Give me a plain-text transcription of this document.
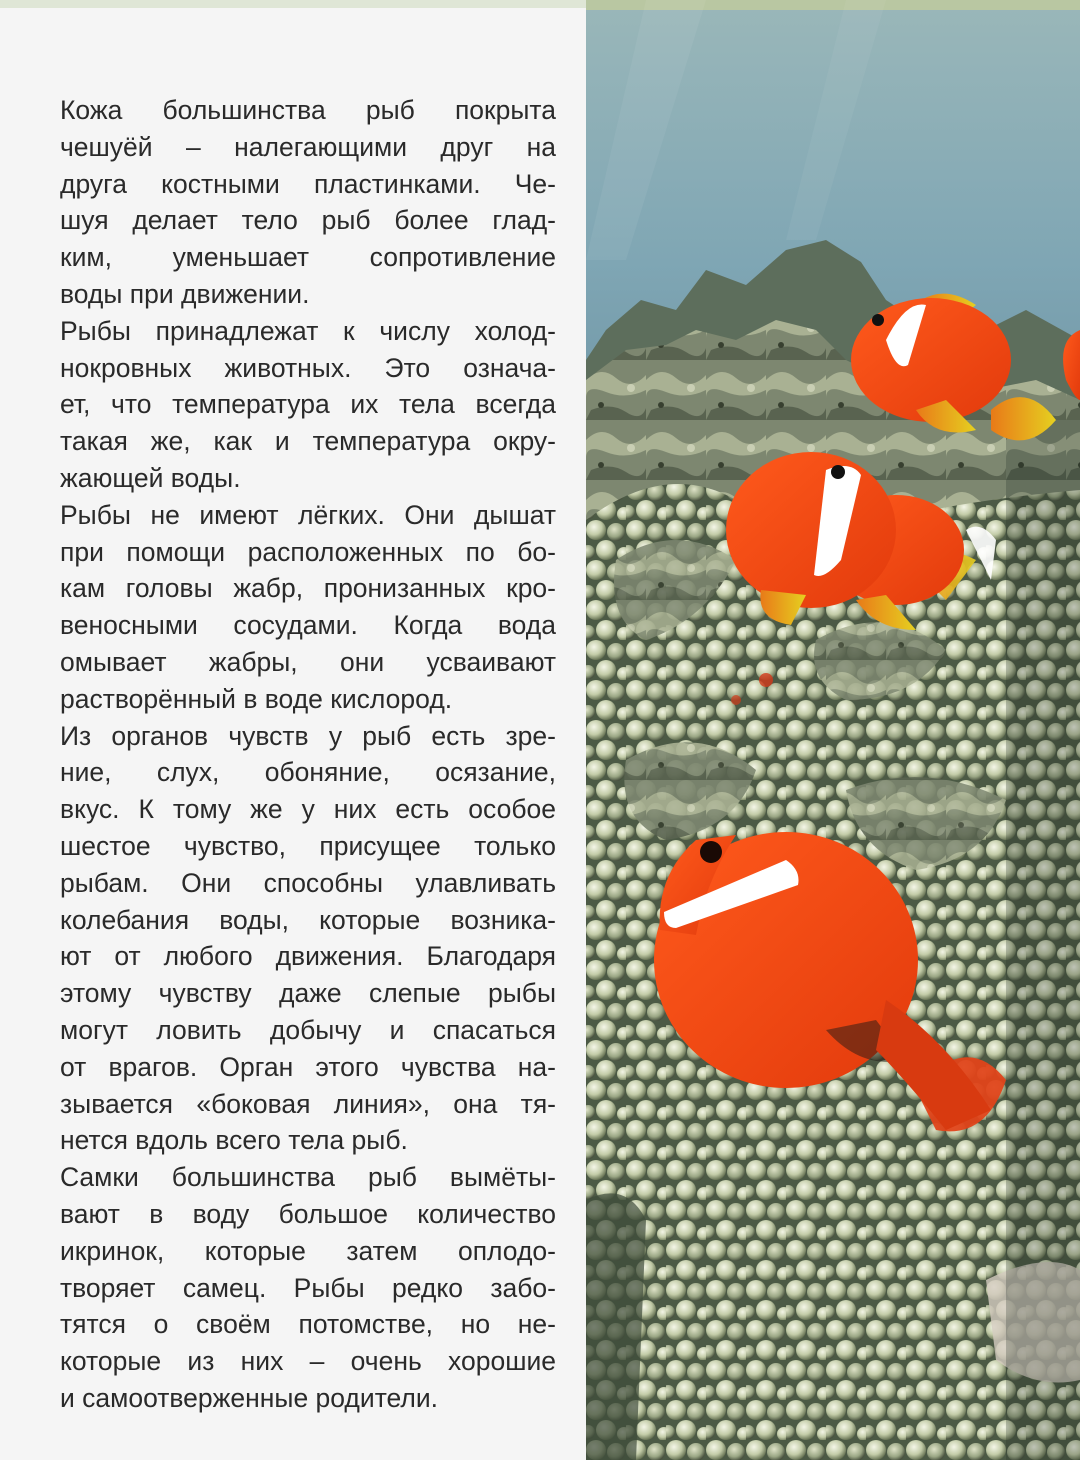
Кожа большинства рыб покрыта
чешуёй – налегающими друг на
друга костными пластинками. Че-
шуя делает тело рыб более глад-
ким, уменьшает сопротивление
воды при движении.
Рыбы принадлежат к числу холод-
нокровных животных. Это означа-
ет, что температура их тела всегда
такая же, как и температура окру-
жающей воды.
Рыбы не имеют лёгких. Они дышат
при помощи расположенных по бо-
кам головы жабр, пронизанных кро-
веносными сосудами. Когда вода
омывает жабры, они усваивают
растворённый в воде кислород.
Из органов чувств у рыб есть зре-
ние, слух, обоняние, осязание,
вкус. К тому же у них есть особое
шестое чувство, присущее только
рыбам. Они способны улавливать
колебания воды, которые возника-
ют от любого движения. Благодаря
этому чувству даже слепые рыбы
могут ловить добычу и спасаться
от врагов. Орган этого чувства на-
зывается «боковая линия», она тя-
нется вдоль всего тела рыб.
Самки большинства рыб вымёты-
вают в воду большое количество
икринок, которые затем оплодо-
творяет самец. Рыбы редко забо-
тятся о своём потомстве, но не-
которые из них – очень хорошие
и самоотверженные родители.
